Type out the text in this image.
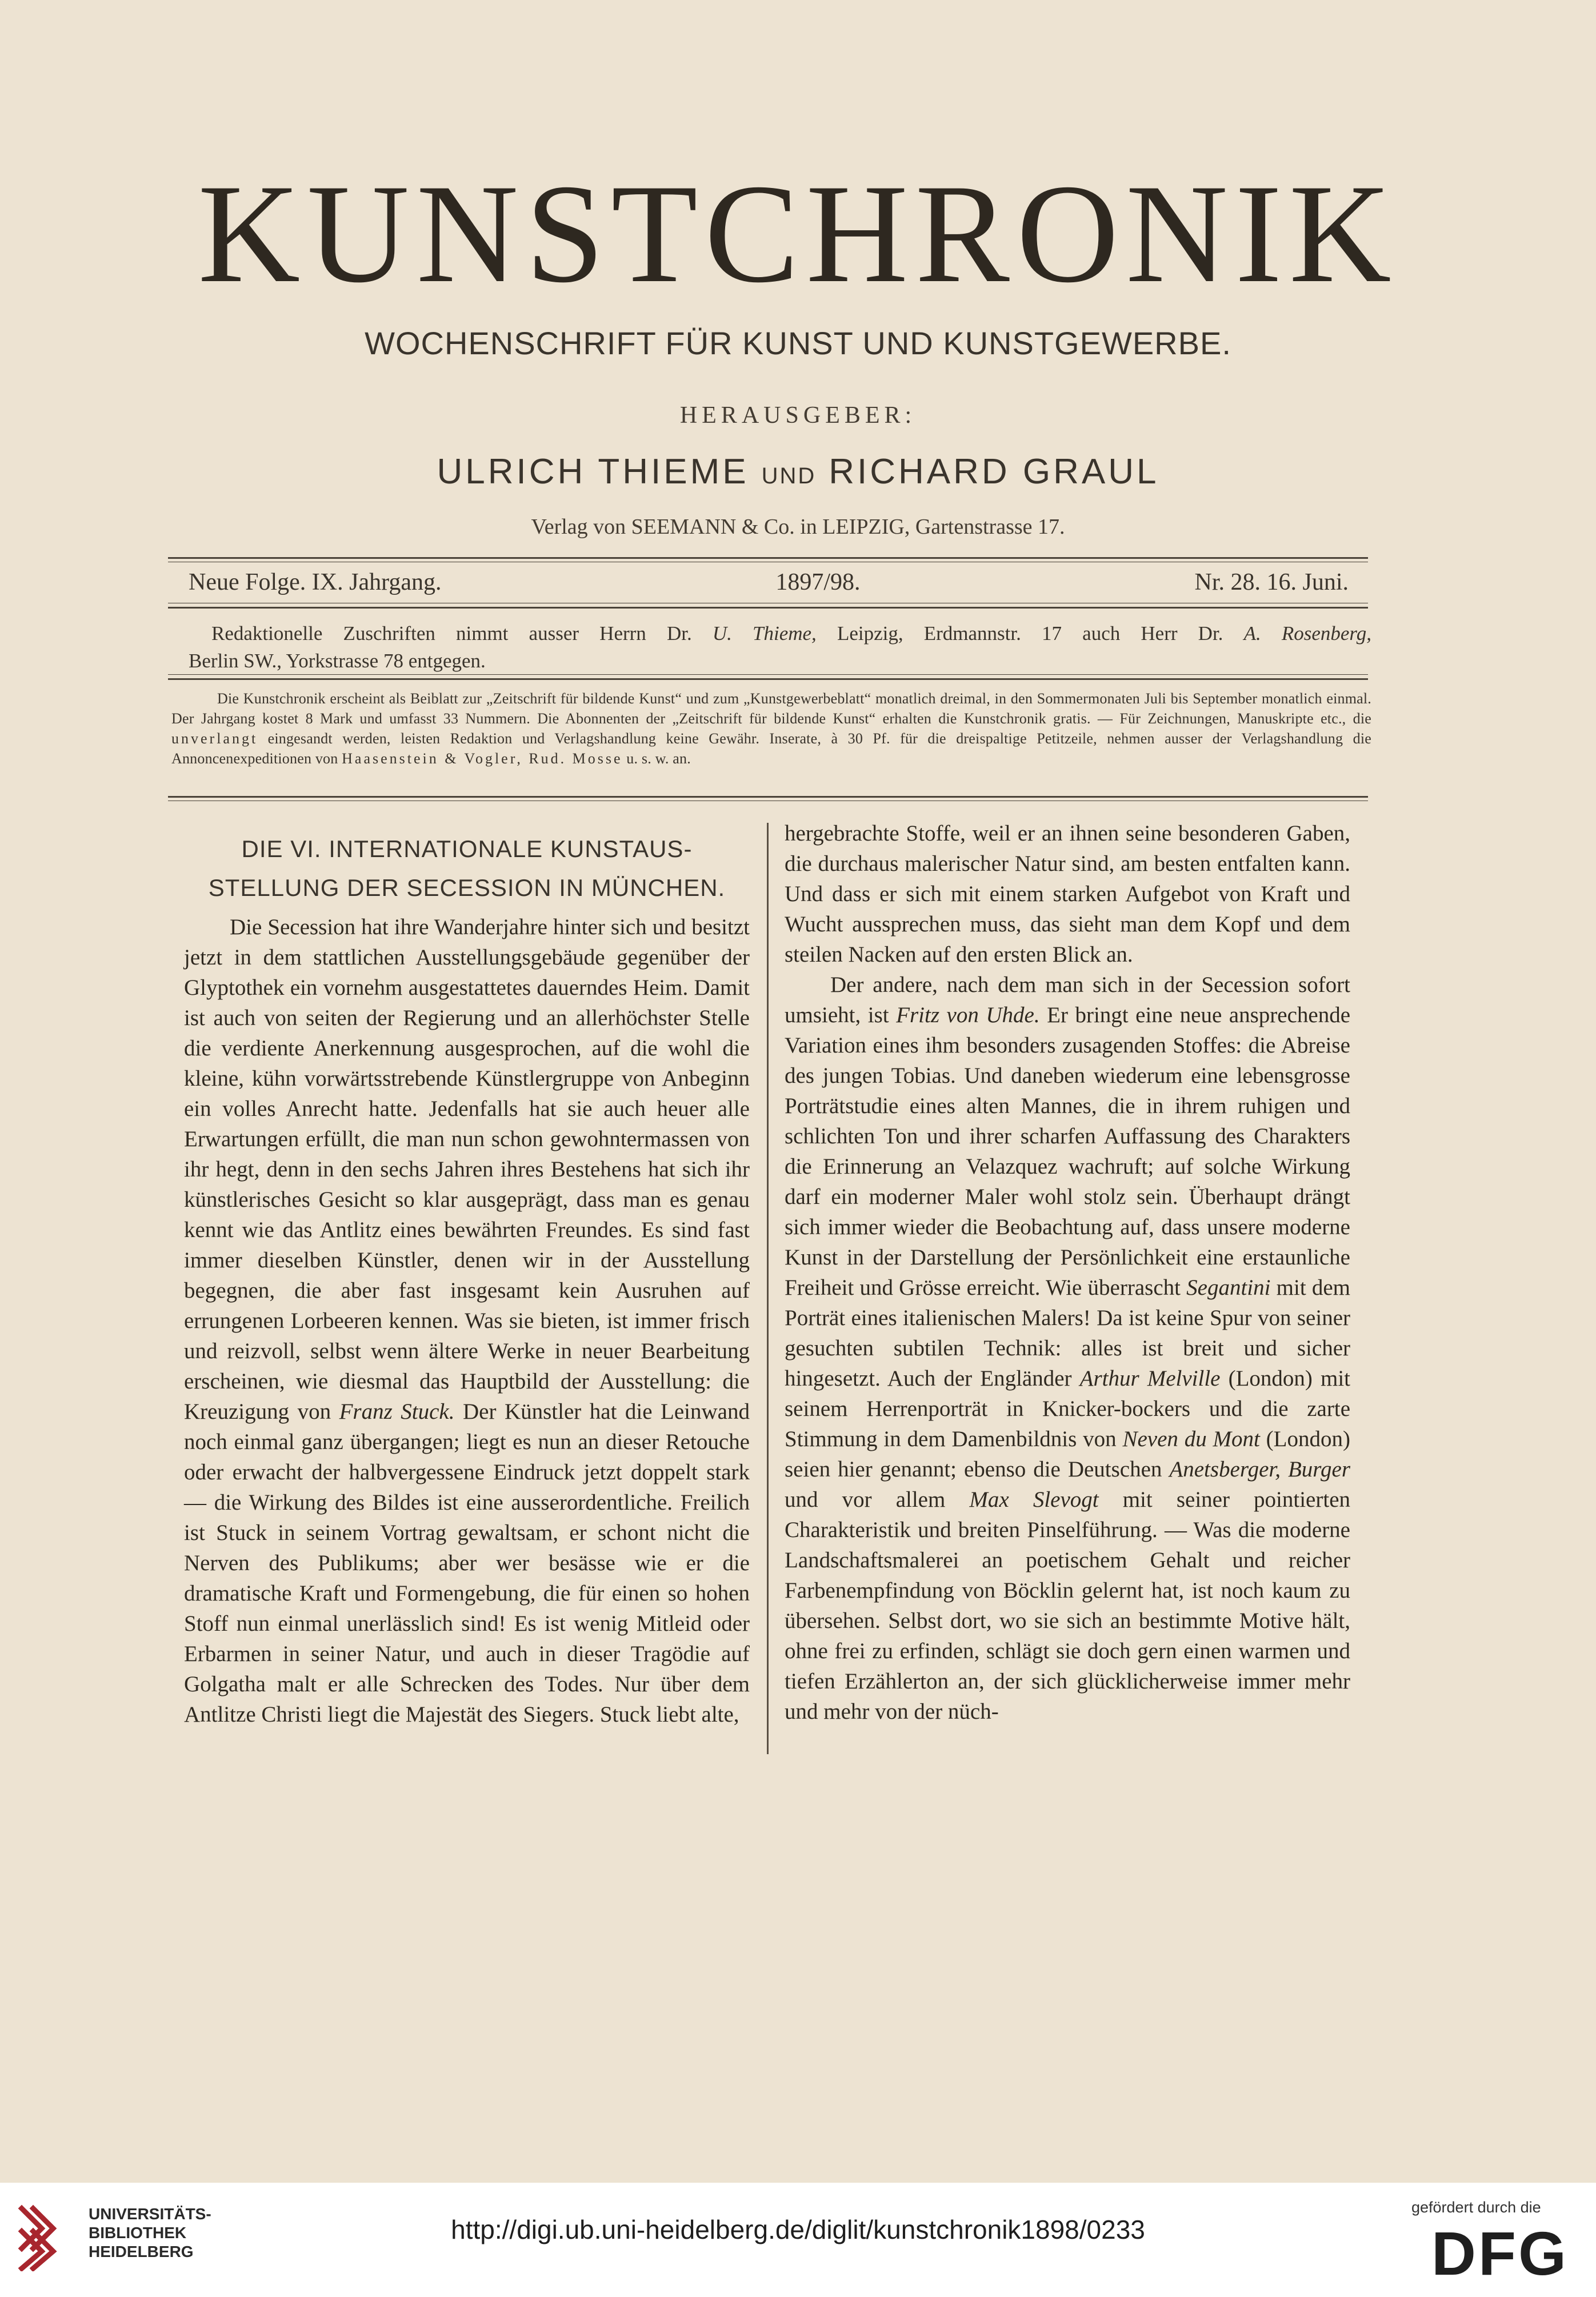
KUNSTCHRONIK
WOCHENSCHRIFT FÜR KUNST UND KUNSTGEWERBE.
HERAUSGEBER:
ULRICH THIEME UND RICHARD GRAUL
Verlag von SEEMANN & Co. in LEIPZIG, Gartenstrasse 17.
Neue Folge. IX. Jahrgang.	1897/98.	Nr. 28. 16. Juni.
Redaktionelle Zuschriften nimmt ausser Herrn Dr. U. Thieme, Leipzig, Erdmannstr. 17 auch Herr Dr. A. Rosenberg,
Berlin SW., Yorkstrasse 78 entgegen.
Die Kunstchronik erscheint als Beiblatt zur „Zeitschrift für bildende Kunst“ und zum „Kunstgewerbeblatt“ monatlich dreimal, in den Sommermonaten Juli bis September monatlich einmal. Der Jahrgang kostet 8 Mark und umfasst 33 Nummern. Die Abonnenten der „Zeitschrift für bildende Kunst“ erhalten die Kunstchronik gratis. — Für Zeichnungen, Manuskripte etc., die unverlangt eingesandt werden, leisten Redaktion und Verlagshandlung keine Gewähr. Inserate, à 30 Pf. für die dreispaltige Petitzeile, nehmen ausser der Verlagshandlung die Annoncenexpeditionen von Haasenstein & Vogler, Rud. Mosse u. s. w. an.
DIE VI. INTERNATIONALE KUNSTAUS-
STELLUNG DER SECESSION IN MÜNCHEN.

Die Secession hat ihre Wanderjahre hinter sich und besitzt jetzt in dem stattlichen Ausstellungsgebäude gegenüber der Glyptothek ein vornehm ausgestattetes dauerndes Heim. Damit ist auch von seiten der Regierung und an allerhöchster Stelle die verdiente Anerkennung ausgesprochen, auf die wohl die kleine, kühn vorwärtsstrebende Künstlergruppe von Anbeginn ein volles Anrecht hatte. Jedenfalls hat sie auch heuer alle Erwartungen erfüllt, die man nun schon gewohntermassen von ihr hegt, denn in den sechs Jahren ihres Bestehens hat sich ihr künstlerisches Gesicht so klar ausgeprägt, dass man es genau kennt wie das Antlitz eines bewährten Freundes. Es sind fast immer dieselben Künstler, denen wir in der Ausstellung begegnen, die aber fast insgesamt kein Ausruhen auf errungenen Lorbeeren kennen. Was sie bieten, ist immer frisch und reizvoll, selbst wenn ältere Werke in neuer Bearbeitung erscheinen, wie diesmal das Hauptbild der Ausstellung: die Kreuzigung von Franz Stuck. Der Künstler hat die Leinwand noch einmal ganz übergangen; liegt es nun an dieser Retouche oder erwacht der halbvergessene Eindruck jetzt doppelt stark — die Wirkung des Bildes ist eine ausserordentliche. Freilich ist Stuck in seinem Vortrag gewaltsam, er schont nicht die Nerven des Publikums; aber wer besässe wie er die dramatische Kraft und Formengebung, die für einen so hohen Stoff nun einmal unerlässlich sind! Es ist wenig Mitleid oder Erbarmen in seiner Natur, und auch in dieser Tragödie auf Golgatha malt er alle Schrecken des Todes. Nur über dem Antlitze Christi liegt die Majestät des Siegers. Stuck liebt alte,

hergebrachte Stoffe, weil er an ihnen seine besonderen Gaben, die durchaus malerischer Natur sind, am besten entfalten kann. Und dass er sich mit einem starken Aufgebot von Kraft und Wucht aussprechen muss, das sieht man dem Kopf und dem steilen Nacken auf den ersten Blick an.

Der andere, nach dem man sich in der Secession sofort umsieht, ist Fritz von Uhde. Er bringt eine neue ansprechende Variation eines ihm besonders zusagenden Stoffes: die Abreise des jungen Tobias. Und daneben wiederum eine lebensgrosse Porträtstudie eines alten Mannes, die in ihrem ruhigen und schlichten Ton und ihrer scharfen Auffassung des Charakters die Erinnerung an Velazquez wachruft; auf solche Wirkung darf ein moderner Maler wohl stolz sein. Überhaupt drängt sich immer wieder die Beobachtung auf, dass unsere moderne Kunst in der Darstellung der Persönlichkeit eine erstaunliche Freiheit und Grösse erreicht. Wie überrascht Segantini mit dem Porträt eines italienischen Malers! Da ist keine Spur von seiner gesuchten subtilen Technik: alles ist breit und sicher hingesetzt. Auch der Engländer Arthur Melville (London) mit seinem Herrenporträt in Knicker-bockers und die zarte Stimmung in dem Damenbildnis von Neven du Mont (London) seien hier genannt; ebenso die Deutschen Anetsberger, Burger und vor allem Max Slevogt mit seiner pointierten Charakteristik und breiten Pinselführung. — Was die moderne Landschaftsmalerei an poetischem Gehalt und reicher Farbenempfindung von Böcklin gelernt hat, ist noch kaum zu übersehen. Selbst dort, wo sie sich an bestimmte Motive hält, ohne frei zu erfinden, schlägt sie doch gern einen warmen und tiefen Erzählerton an, der sich glücklicherweise immer mehr und mehr von der nüch-

UNIVERSITÄTS-
BIBLIOTHEK
HEIDELBERG
http://digi.ub.uni-heidelberg.de/diglit/kunstchronik1898/0233
gefördert durch die
DFG
